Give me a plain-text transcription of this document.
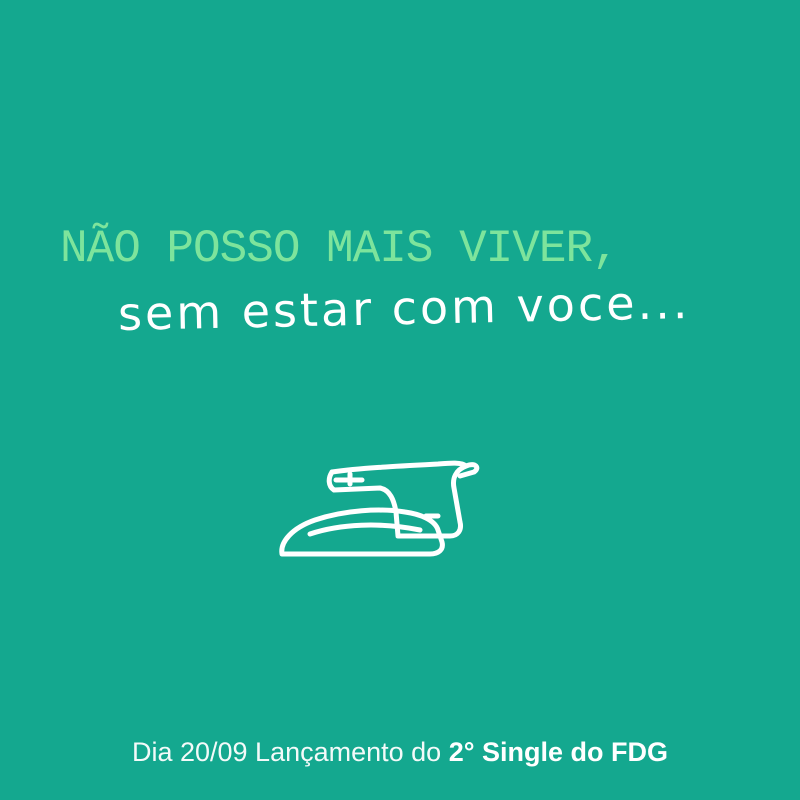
NÃO POSSO MAIS VIVER,

sem estar com voce...

Dia 20/09 Lançamento do 2° Single do FDG
